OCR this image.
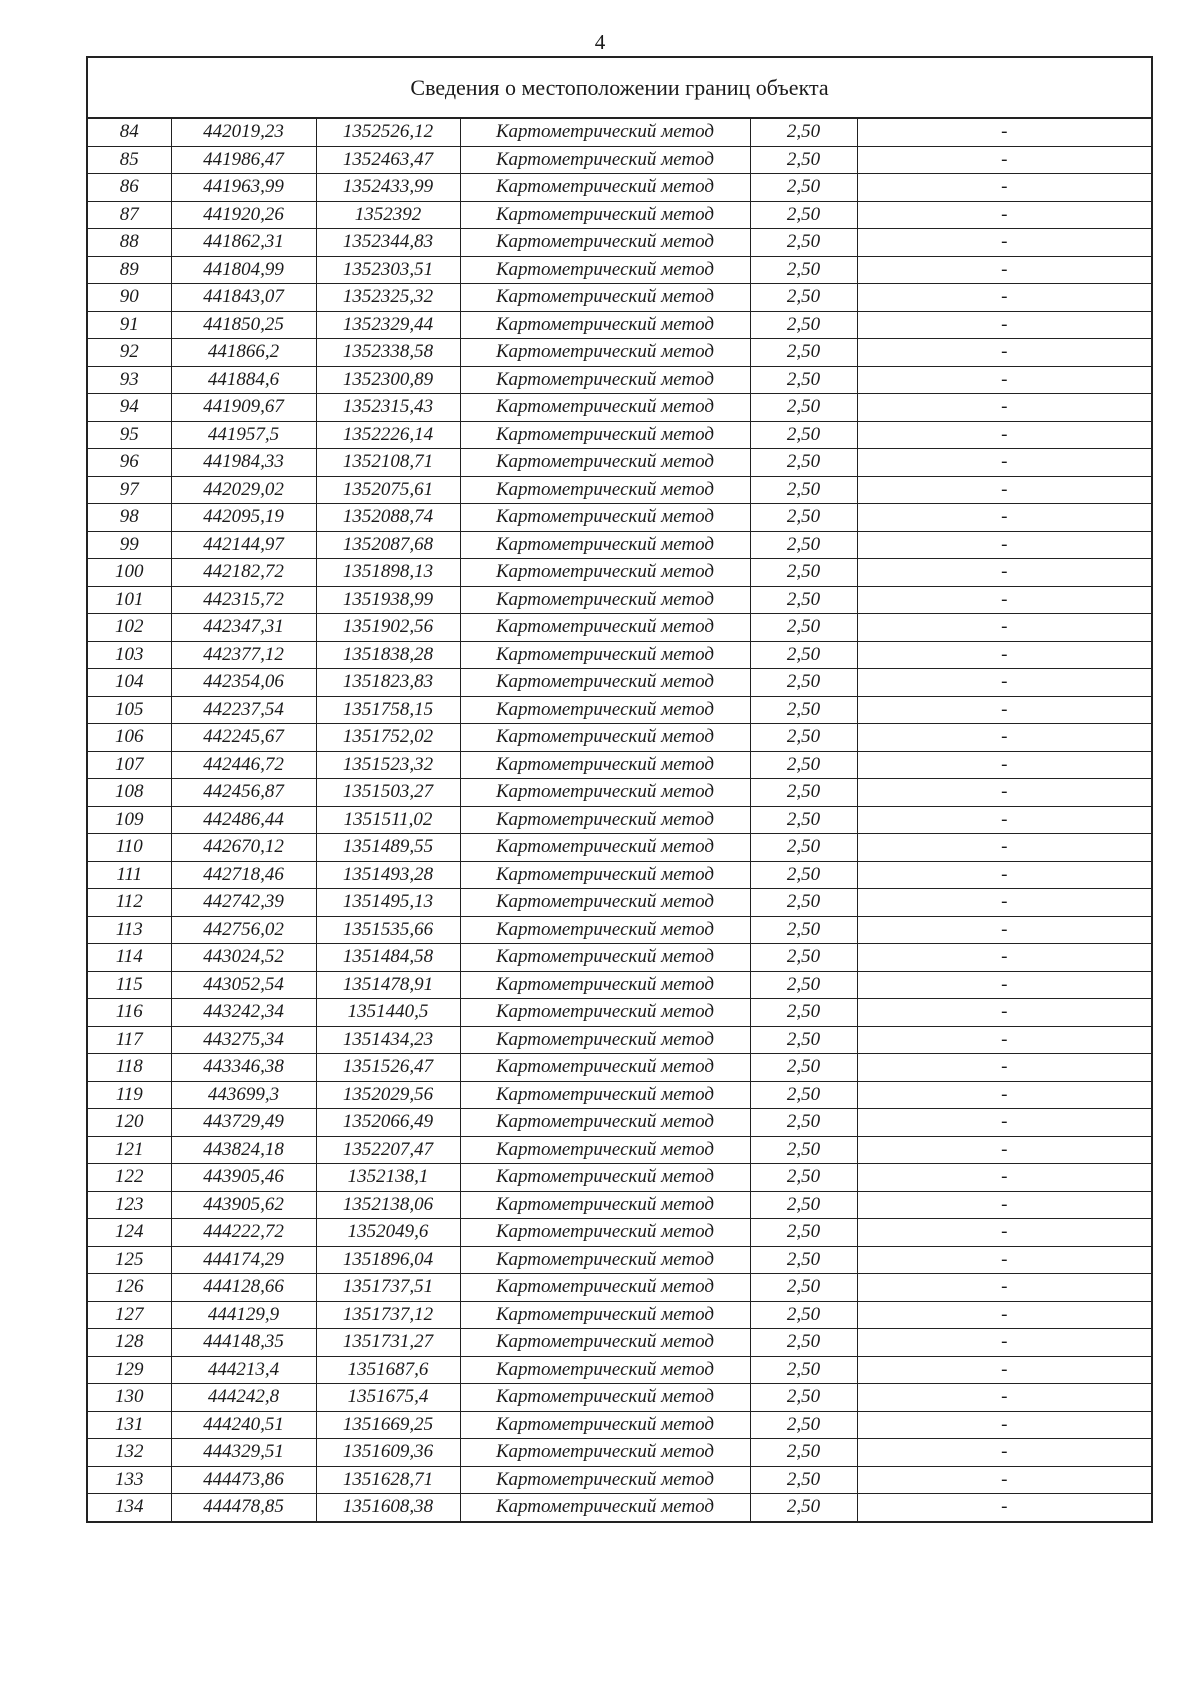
4
Сведения о местоположении границ объекта					
84	442019,23	1352526,12	Картометрический метод	2,50	-
85	441986,47	1352463,47	Картометрический метод	2,50	-
86	441963,99	1352433,99	Картометрический метод	2,50	-
87	441920,26	1352392	Картометрический метод	2,50	-
88	441862,31	1352344,83	Картометрический метод	2,50	-
89	441804,99	1352303,51	Картометрический метод	2,50	-
90	441843,07	1352325,32	Картометрический метод	2,50	-
91	441850,25	1352329,44	Картометрический метод	2,50	-
92	441866,2	1352338,58	Картометрический метод	2,50	-
93	441884,6	1352300,89	Картометрический метод	2,50	-
94	441909,67	1352315,43	Картометрический метод	2,50	-
95	441957,5	1352226,14	Картометрический метод	2,50	-
96	441984,33	1352108,71	Картометрический метод	2,50	-
97	442029,02	1352075,61	Картометрический метод	2,50	-
98	442095,19	1352088,74	Картометрический метод	2,50	-
99	442144,97	1352087,68	Картометрический метод	2,50	-
100	442182,72	1351898,13	Картометрический метод	2,50	-
101	442315,72	1351938,99	Картометрический метод	2,50	-
102	442347,31	1351902,56	Картометрический метод	2,50	-
103	442377,12	1351838,28	Картометрический метод	2,50	-
104	442354,06	1351823,83	Картометрический метод	2,50	-
105	442237,54	1351758,15	Картометрический метод	2,50	-
106	442245,67	1351752,02	Картометрический метод	2,50	-
107	442446,72	1351523,32	Картометрический метод	2,50	-
108	442456,87	1351503,27	Картометрический метод	2,50	-
109	442486,44	1351511,02	Картометрический метод	2,50	-
110	442670,12	1351489,55	Картометрический метод	2,50	-
111	442718,46	1351493,28	Картометрический метод	2,50	-
112	442742,39	1351495,13	Картометрический метод	2,50	-
113	442756,02	1351535,66	Картометрический метод	2,50	-
114	443024,52	1351484,58	Картометрический метод	2,50	-
115	443052,54	1351478,91	Картометрический метод	2,50	-
116	443242,34	1351440,5	Картометрический метод	2,50	-
117	443275,34	1351434,23	Картометрический метод	2,50	-
118	443346,38	1351526,47	Картометрический метод	2,50	-
119	443699,3	1352029,56	Картометрический метод	2,50	-
120	443729,49	1352066,49	Картометрический метод	2,50	-
121	443824,18	1352207,47	Картометрический метод	2,50	-
122	443905,46	1352138,1	Картометрический метод	2,50	-
123	443905,62	1352138,06	Картометрический метод	2,50	-
124	444222,72	1352049,6	Картометрический метод	2,50	-
125	444174,29	1351896,04	Картометрический метод	2,50	-
126	444128,66	1351737,51	Картометрический метод	2,50	-
127	444129,9	1351737,12	Картометрический метод	2,50	-
128	444148,35	1351731,27	Картометрический метод	2,50	-
129	444213,4	1351687,6	Картометрический метод	2,50	-
130	444242,8	1351675,4	Картометрический метод	2,50	-
131	444240,51	1351669,25	Картометрический метод	2,50	-
132	444329,51	1351609,36	Картометрический метод	2,50	-
133	444473,86	1351628,71	Картометрический метод	2,50	-
134	444478,85	1351608,38	Картометрический метод	2,50	-
